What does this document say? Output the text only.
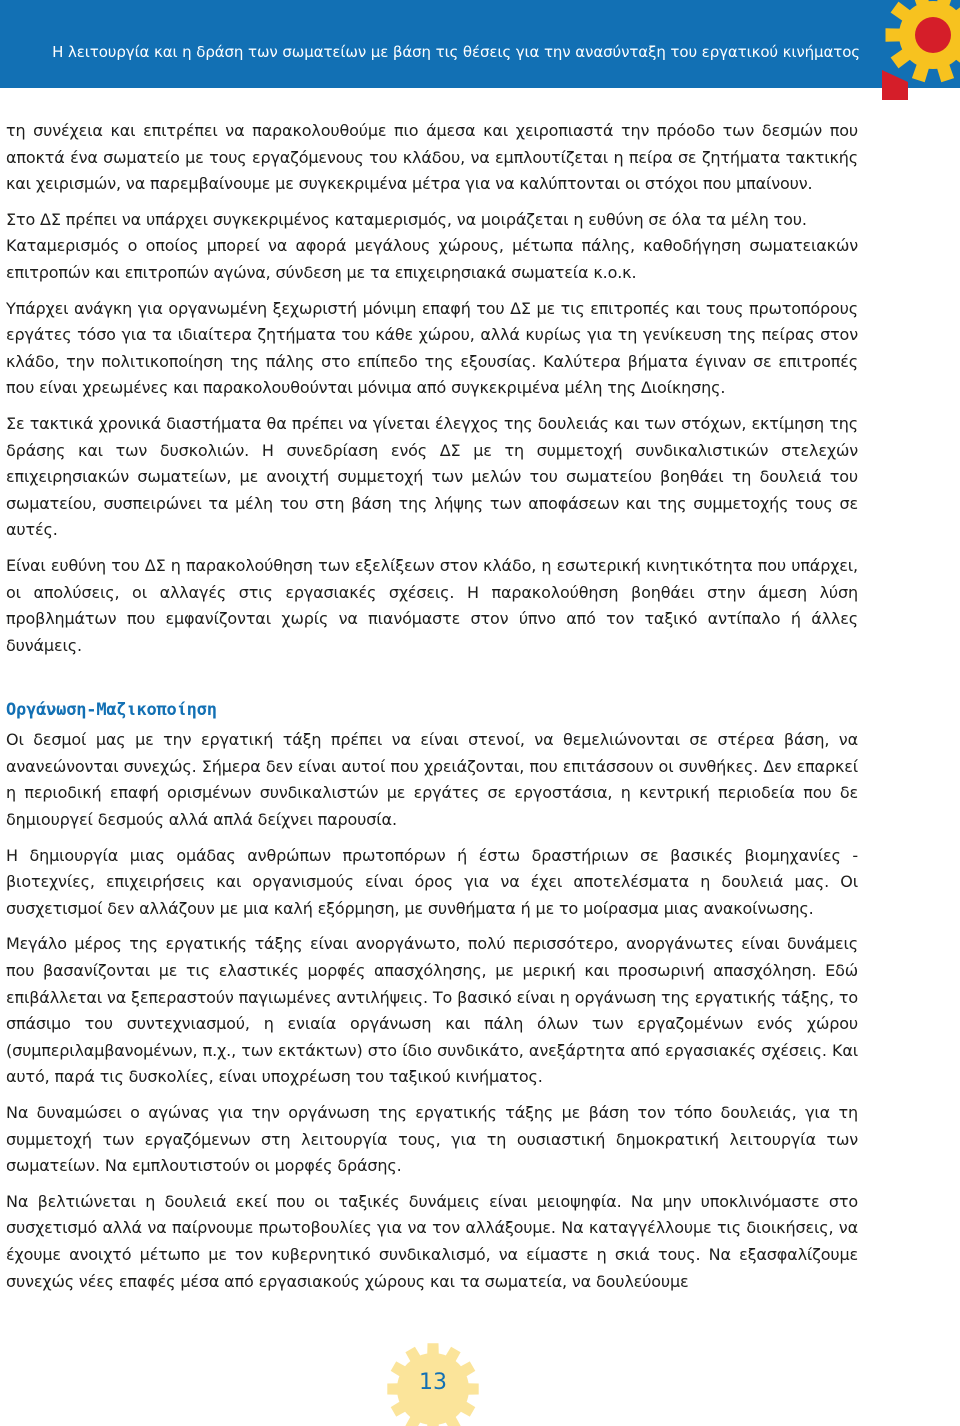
Η λειτουργία και η δράση των σωματείων με βάση τις θέσεις για την ανασύνταξη του εργατικού κινήματος

τη συνέχεια και επιτρέπει να παρακολουθούμε πιο άμεσα και χειροπιαστά την πρόοδο των δεσμών που αποκτά ένα σωματείο με τους εργαζόμενους του κλάδου, να εμπλουτίζεται η πείρα σε ζητήματα τακτικής και χειρισμών, να παρεμβαίνουμε με συγκεκριμένα μέτρα για να καλύπτονται οι στόχοι που μπαίνουν.

Στο ΔΣ πρέπει να υπάρχει συγκεκριμένος καταμερισμός, να μοιράζεται η ευθύνη σε όλα τα μέλη του.

Καταμερισμός ο οποίος μπορεί να αφορά μεγάλους χώρους, μέτωπα πάλης, καθοδήγηση σωματειακών επιτροπών και επιτροπών αγώνα, σύνδεση με τα επιχειρησιακά σωματεία κ.ο.κ.

Υπάρχει ανάγκη για οργανωμένη ξεχωριστή μόνιμη επαφή του ΔΣ με τις επιτροπές και τους πρωτοπόρους εργάτες τόσο για τα ιδιαίτερα ζητήματα του κάθε χώρου, αλλά κυρίως για τη γενίκευση της πείρας στον κλάδο, την πολιτικοποίηση της πάλης στο επίπεδο της εξουσίας. Καλύτερα βήματα έγιναν σε επιτροπές που είναι χρεωμένες και παρακολουθούνται μόνιμα από συγκεκριμένα μέλη της Διοίκησης.

Σε τακτικά χρονικά διαστήματα θα πρέπει να γίνεται έλεγχος της δουλειάς και των στόχων, εκτίμηση της δράσης και των δυσκολιών. Η συνεδρίαση ενός ΔΣ με τη συμμετοχή συνδικαλιστικών στελεχών επιχειρησιακών σωματείων, με ανοιχτή συμμετοχή των μελών του σωματείου βοηθάει τη δουλειά του σωματείου, συσπειρώνει τα μέλη του στη βάση της λήψης των αποφάσεων και της συμμετοχής τους σε αυτές.

Είναι ευθύνη του ΔΣ η παρακολούθηση των εξελίξεων στον κλάδο, η εσωτερική κινητικότητα που υπάρχει, οι απολύσεις, οι αλλαγές στις εργασιακές σχέσεις. Η παρακολούθηση βοηθάει στην άμεση λύση προβλημάτων που εμφανίζονται χωρίς να πιανόμαστε στον ύπνο από τον ταξικό αντίπαλο ή άλλες δυνάμεις.

Οργάνωση-Μαζικοποίηση

Οι δεσμοί μας με την εργατική τάξη πρέπει να είναι στενοί, να θεμελιώνονται σε στέρεα βάση, να ανανεώνονται συνεχώς. Σήμερα δεν είναι αυτοί που χρειάζονται, που επιτάσσουν οι συνθήκες. Δεν επαρκεί η περιοδική επαφή ορισμένων συνδικαλιστών με εργάτες σε εργοστάσια, η κεντρική περιοδεία που δε δημιουργεί δεσμούς αλλά απλά δείχνει παρουσία.

Η δημιουργία μιας ομάδας ανθρώπων πρωτοπόρων ή έστω δραστήριων σε βασικές βιομηχανίες - βιοτεχνίες, επιχειρήσεις και οργανισμούς είναι όρος για να έχει αποτελέσματα η δουλειά μας. Οι συσχετισμοί δεν αλλάζουν με μια καλή εξόρμηση, με συνθήματα ή με το μοίρασμα μιας ανακοίνωσης.

Μεγάλο μέρος της εργατικής τάξης είναι ανοργάνωτο, πολύ περισσότερο, ανοργάνωτες είναι δυνάμεις που βασανίζονται με τις ελαστικές μορφές απασχόλησης, με μερική και προσωρινή απασχόληση. Εδώ επιβάλλεται να ξεπεραστούν παγιωμένες αντιλήψεις. Το βασικό είναι η οργάνωση της εργατικής τάξης, το σπάσιμο του συντεχνιασμού, η ενιαία οργάνωση και πάλη όλων των εργαζομένων ενός χώρου (συμπεριλαμβανομένων, π.χ., των εκτάκτων) στο ίδιο συνδικάτο, ανεξάρτητα από εργασιακές σχέσεις. Και αυτό, παρά τις δυσκολίες, είναι υποχρέωση του ταξικού κινήματος.

Να δυναμώσει ο αγώνας για την οργάνωση της εργατικής τάξης με βάση τον τόπο δουλειάς, για τη συμμετοχή των εργαζόμενων στη λειτουργία τους, για τη ουσιαστική δημοκρατική λειτουργία των σωματείων. Να εμπλουτιστούν οι μορφές δράσης.

Να βελτιώνεται η δουλειά εκεί που οι ταξικές δυνάμεις είναι μειοψηφία. Να μην υποκλινόμαστε στο συσχετισμό αλλά να παίρνουμε πρωτοβουλίες για να τον αλλάξουμε. Να καταγγέλλουμε τις διοικήσεις, να έχουμε ανοιχτό μέτωπο με τον κυβερνητικό συνδικαλισμό, να είμαστε η σκιά τους. Να εξασφαλίζουμε συνεχώς νέες επαφές μέσα από εργασιακούς χώρους και τα σωματεία, να δουλεύουμε

13
